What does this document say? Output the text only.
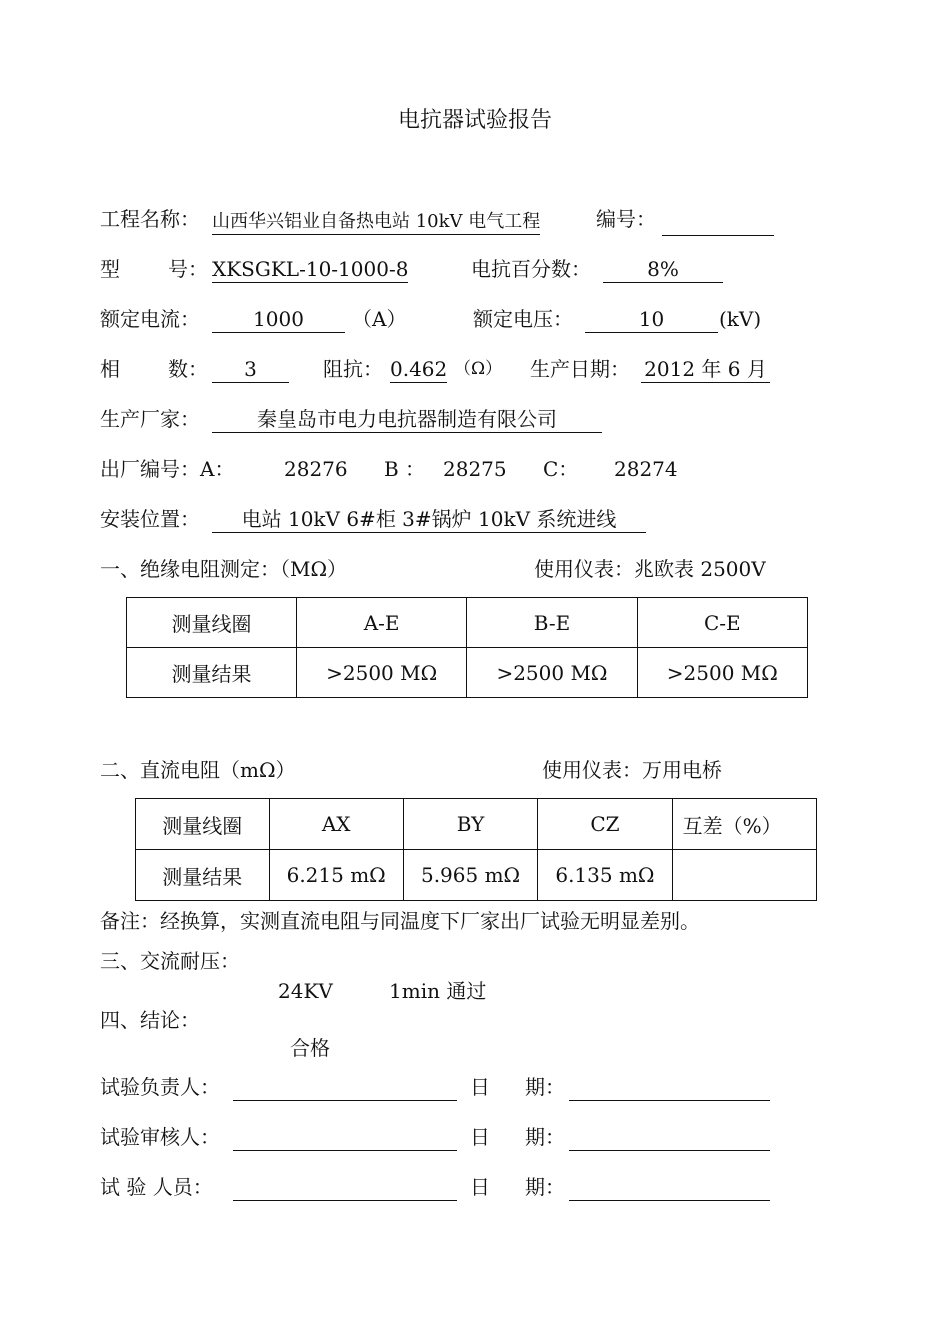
电抗器试验报告
工程名称： 山西华兴铝业自备热电站 10kV 电气工程	编号：
型 号： XKSGKL-10-1000-8	电抗百分数：	8%
额定电流：	1000	（A）	额定电压：	10	(kV)
相 数：	3	阻抗： 0.462 （Ω） 生产日期： 2012 年 6 月
生产厂家：	秦皇岛市电力电抗器制造有限公司
出厂编号：A： 28276 B ： 28275 C： 28274
安装位置：	电站 10kV 6#柜 3#锅炉 10kV 系统进线
一、绝缘电阻测定：（MΩ）	使用仪表：兆欧表 2500V
测量线圈	A-E	B-E	C-E
测量结果	>2500 MΩ	>2500 MΩ	>2500 MΩ
二、直流电阻（mΩ）	使用仪表：万用电桥
测量线圈	AX	BY	CZ	互差（%）
测量结果	6.215 mΩ	5.965 mΩ	6.135 mΩ	
备注：经换算，实测直流电阻与同温度下厂家出厂试验无明显差别。
三、交流耐压：
24KV	1min 通过
四、结论：
合格
试验负责人：	日 期：
试验审核人：	日 期：
试 验 人员：	日 期：
